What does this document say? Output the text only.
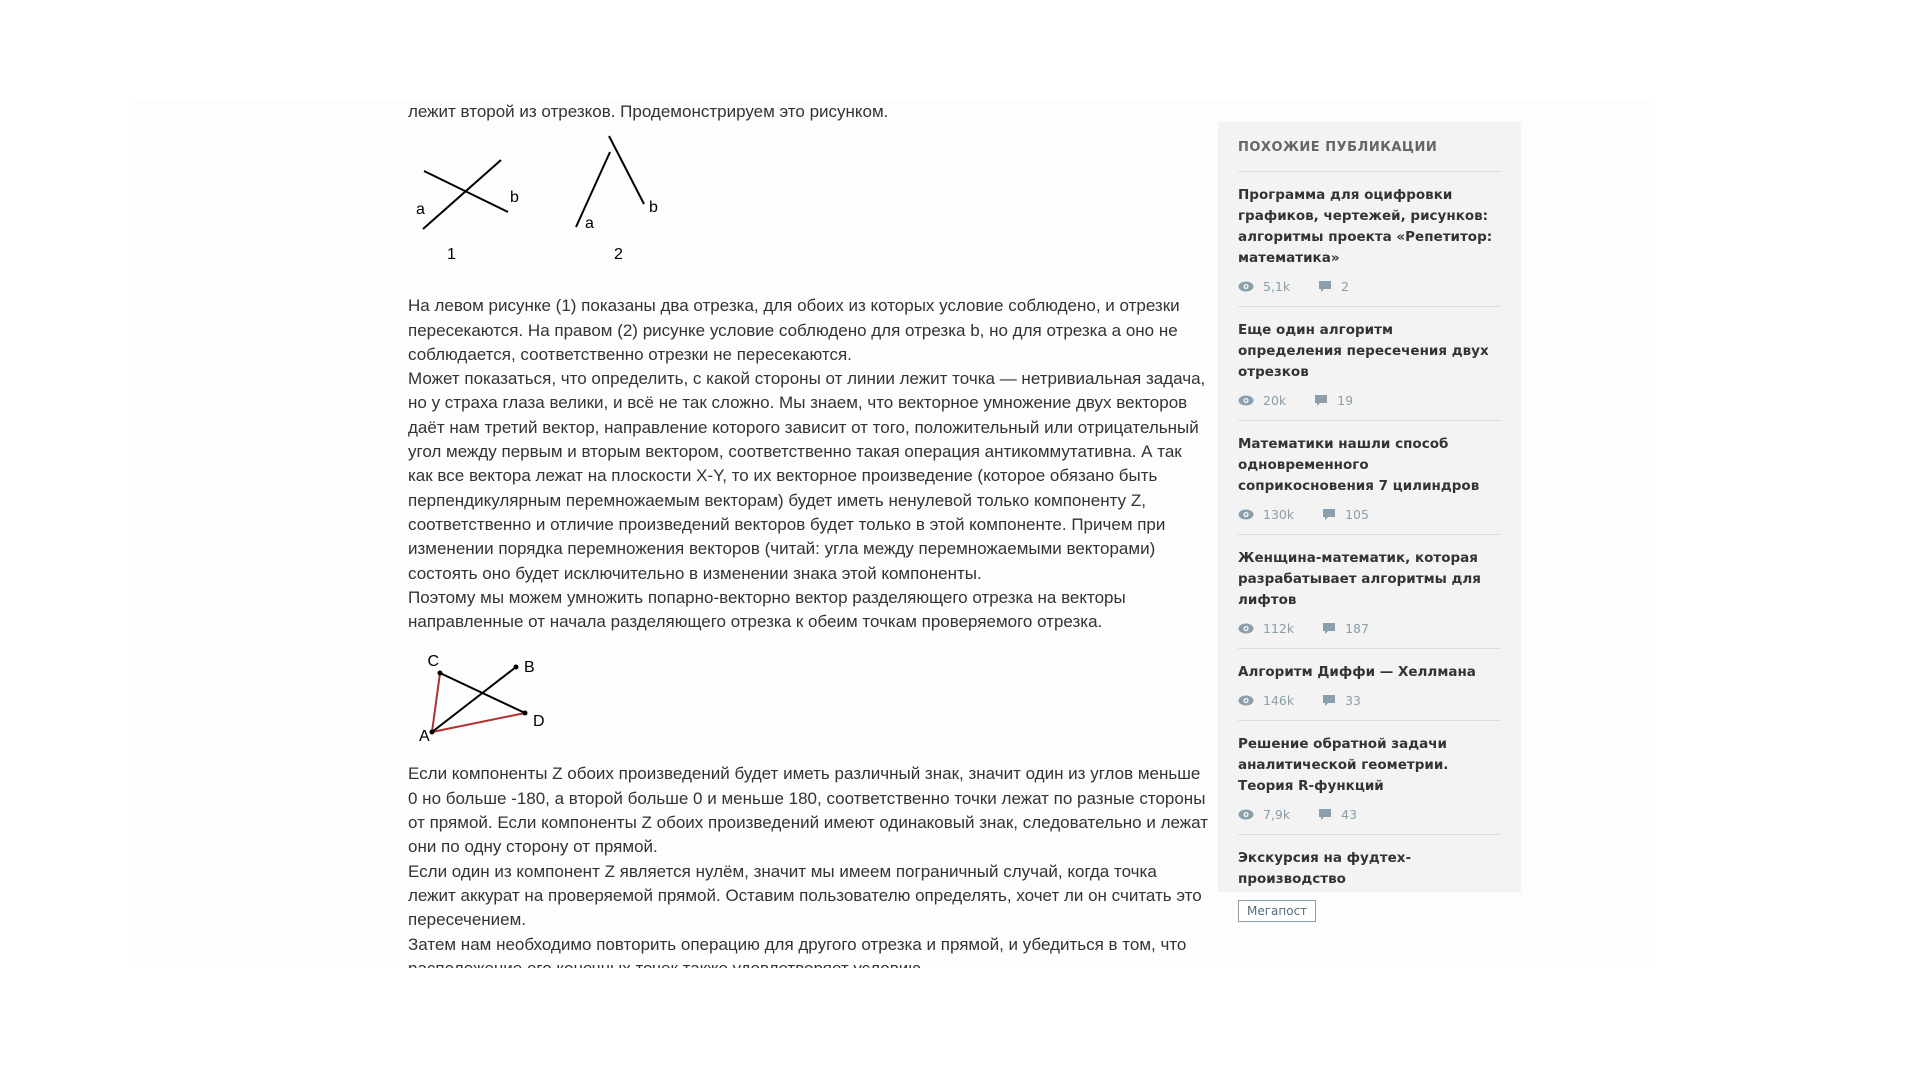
лежит второй из отрезков. Продемонстрируем это рисунком.

a
b
1
a
b
2

На левом рисунке (1) показаны два отрезка, для обоих из которых условие соблюдено, и отрезки пересекаются. На правом (2) рисунке условие соблюдено для отрезка b, но для отрезка a оно не соблюдается, соответственно отрезки не пересекаются.

Может показаться, что определить, с какой стороны от линии лежит точка — нетривиальная задача, но у страха глаза велики, и всё не так сложно. Мы знаем, что векторное умножение двух векторов даёт нам третий вектор, направление которого зависит от того, положительный или отрицательный угол между первым и вторым вектором, соответственно такая операция антикоммутативна. А так как все вектора лежат на плоскости X-Y, то их векторное произведение (которое обязано быть перпендикулярным перемножаемым векторам) будет иметь ненулевой только компоненту Z, соответственно и отличие произведений векторов будет только в этой компоненте. Причем при изменении порядка перемножения векторов (читай: угла между перемножаемыми векторами) состоять оно будет исключительно в изменении знака этой компоненты.

Поэтому мы можем умножить попарно-векторно вектор разделяющего отрезка на векторы направленные от начала разделяющего отрезка к обеим точкам проверяемого отрезка.

C	B
A
D

Если компоненты Z обоих произведений будет иметь различный знак, значит один из углов меньше 0 но больше -180, а второй больше 0 и меньше 180, соответственно точки лежат по разные стороны от прямой. Если компоненты Z обоих произведений имеют одинаковый знак, следовательно и лежат они по одну сторону от прямой.

Если один из компонент Z является нулём, значит мы имеем пограничный случай, когда точка лежит аккурат на проверяемой прямой. Оставим пользователю определять, хочет ли он считать это пересечением.

Затем нам необходимо повторить операцию для другого отрезка и прямой, и убедиться в том, что

ПОХОЖИЕ ПУБЛИКАЦИИ
Программа для оцифровки графиков, чертежей, рисунков: алгоритмы проекта «Репетитор: математика»
5,1k	2
Еще один алгоритм определения пересечения двух отрезков
20k	19
Математики нашли способ одновременного соприкосновения 7 цилиндров
130k	105
Женщина-математик, которая разрабатывает алгоритмы для лифтов
112k	187
Алгоритм Диффи — Хеллмана
146k	33
Решение обратной задачи аналитической геометрии. Теория R-функций
7,9k	43
Экскурсия на фудтех-производство
Мегапост
